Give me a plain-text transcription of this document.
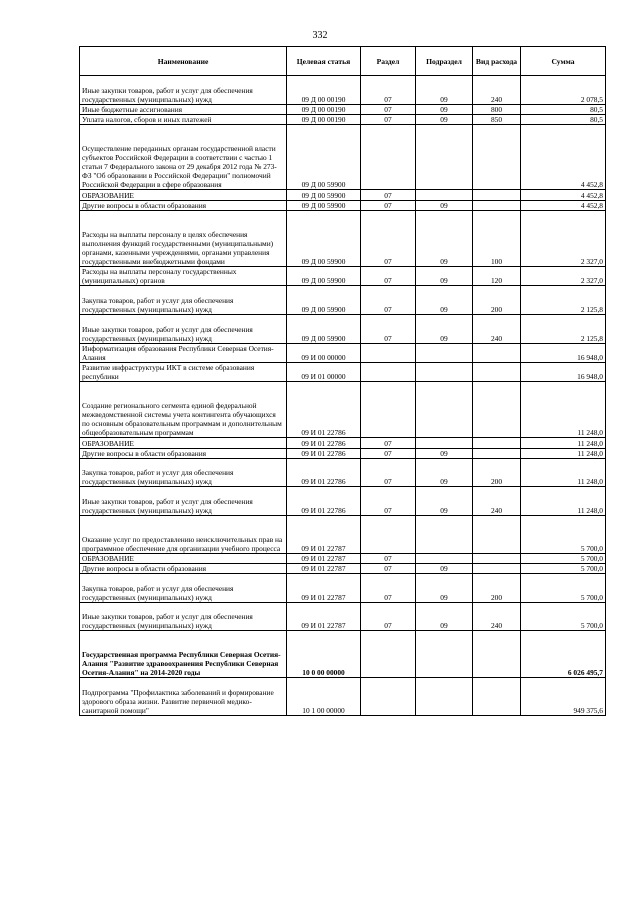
332
Наименование	Целевая статья	Раздел	Подраздел	Вид расхода	Сумма
Иные закупки товаров, работ и услуг для обеспечения государственных (муниципальных) нужд	09 Д 00 00190	07	09	240	2 078,5
Иные бюджетные ассигнования	09 Д 00 00190	07	09	800	80,5
Уплата налогов, сборов и иных платежей	09 Д 00 00190	07	09	850	80,5
Осуществление переданных органам государственной власти субъектов Российской Федерации в соответствии с частью 1 статьи 7 Федерального закона от 29 декабря 2012 года № 273-ФЗ "Об образовании в Российской Федерации" полномочий Российской Федерации в сфере образования	09 Д 00 59900				4 452,8
ОБРАЗОВАНИЕ	09 Д 00 59900	07			4 452,8
Другие вопросы в области образования	09 Д 00 59900	07	09		4 452,8
Расходы на выплаты персоналу в целях обеспечения выполнения функций государственными (муниципальными) органами, казенными учреждениями, органами управления государственными внебюджетными фондами	09 Д 00 59900	07	09	100	2 327,0
Расходы на выплаты персоналу государственных (муниципальных) органов	09 Д 00 59900	07	09	120	2 327,0
Закупка товаров, работ и услуг для обеспечения государственных (муниципальных) нужд	09 Д 00 59900	07	09	200	2 125,8
Иные закупки товаров, работ и услуг для обеспечения государственных (муниципальных) нужд	09 Д 00 59900	07	09	240	2 125,8
Информатизация образования Республики Северная Осетия-Алания	09 И 00 00000				16 948,0
Развитие инфраструктуры ИКТ в системе образования республики	09 И 01 00000				16 948,0
Создание регионального сегмента единой федеральной межведомственной системы учета контингента обучающихся по основным образовательным программам и дополнительным общеобразовательным программам	09 И 01 22786				11 248,0
ОБРАЗОВАНИЕ	09 И 01 22786	07			11 248,0
Другие вопросы в области образования	09 И 01 22786	07	09		11 248,0
Закупка товаров, работ и услуг для обеспечения государственных (муниципальных) нужд	09 И 01 22786	07	09	200	11 248,0
Иные закупки товаров, работ и услуг для обеспечения государственных (муниципальных) нужд	09 И 01 22786	07	09	240	11 248,0
Оказание услуг по предоставлению неисключительных прав на программное обеспечение для организации учебного процесса	09 И 01 22787				5 700,0
ОБРАЗОВАНИЕ	09 И 01 22787	07			5 700,0
Другие вопросы в области образования	09 И 01 22787	07	09		5 700,0
Закупка товаров, работ и услуг для обеспечения государственных (муниципальных) нужд	09 И 01 22787	07	09	200	5 700,0
Иные закупки товаров, работ и услуг для обеспечения государственных (муниципальных) нужд	09 И 01 22787	07	09	240	5 700,0
Государственная программа Республики Северная Осетия-Алания "Развитие здравоохранения Республики Северная Осетия-Алания" на 2014-2020 годы	10 0 00 00000				6 026 495,7
Подпрограмма "Профилактика заболеваний и формирование здорового образа жизни. Развитие первичной медико-санитарной помощи"	10 1 00 00000				949 375,6
